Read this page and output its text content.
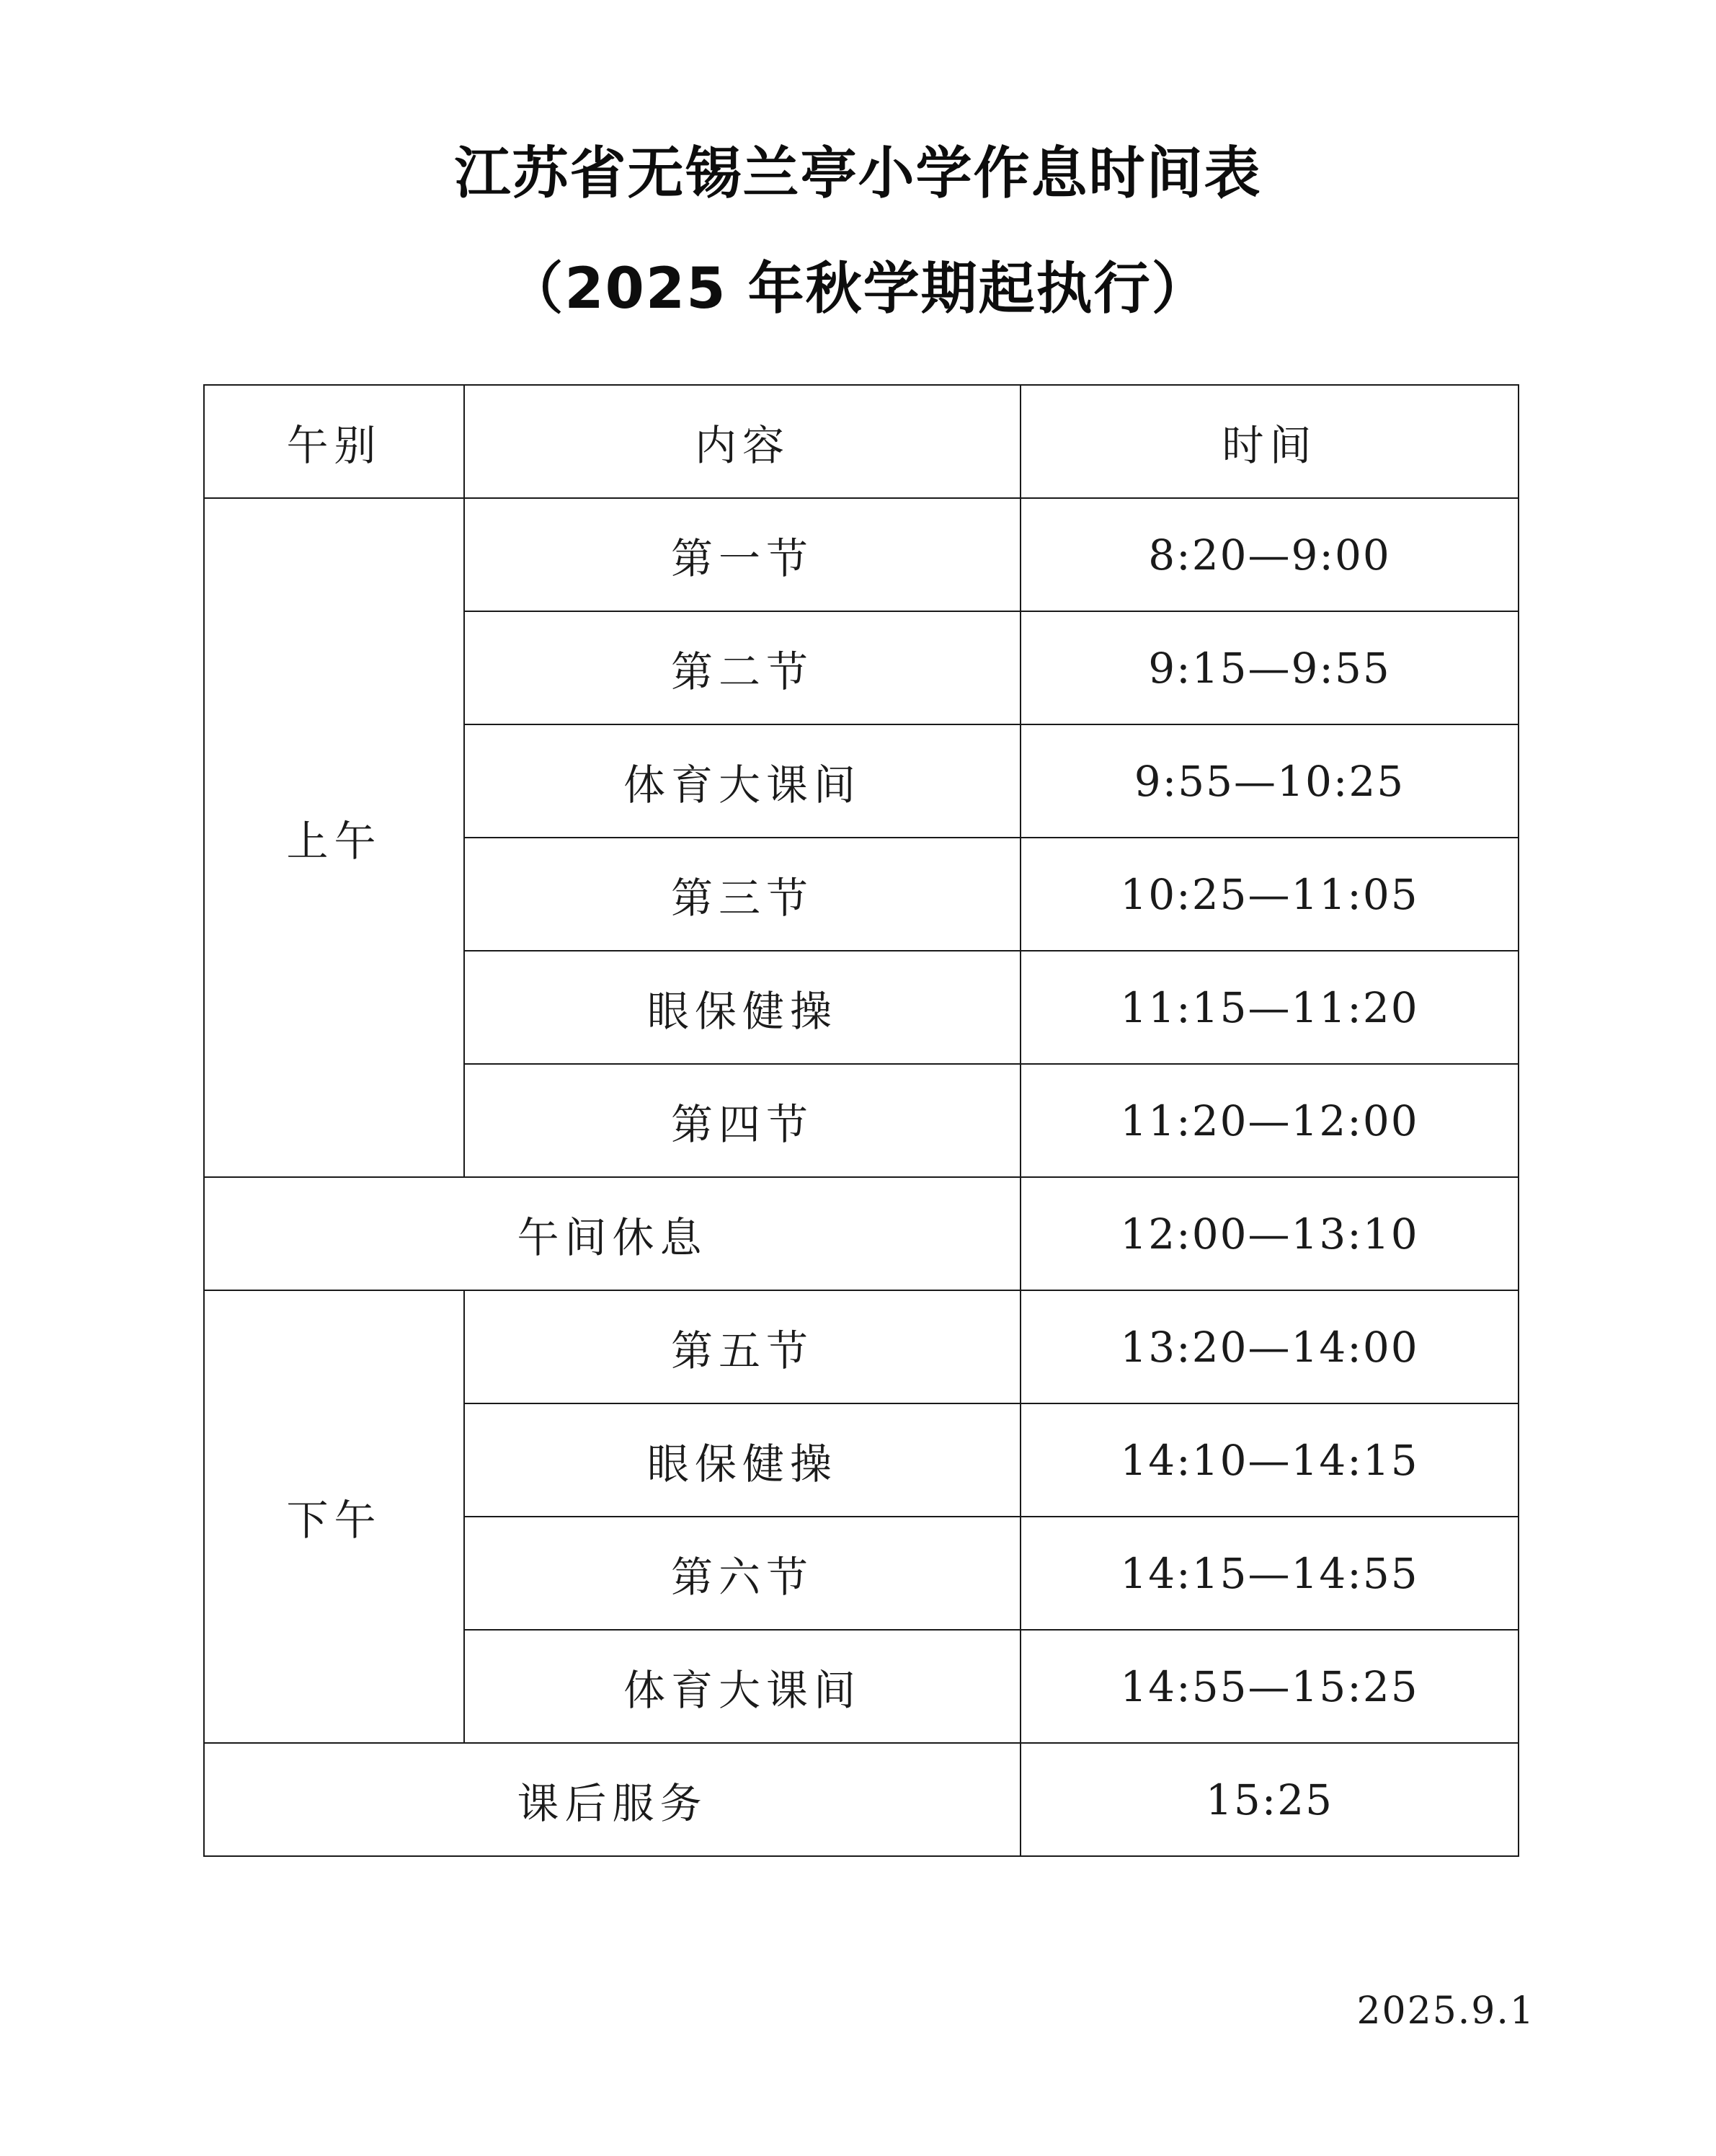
江苏省无锡兰亭小学作息时间表
（2025 年秋学期起执行）
午别	内容	时间
上午	第一节	8:20—9:00
	第二节	9:15—9:55
	体育大课间	9:55—10:25
	第三节	10:25—11:05
	眼保健操	11:15—11:20
	第四节	11:20—12:00
午间休息		12:00—13:10
下午	第五节	13:20—14:00
	眼保健操	14:10—14:15
	第六节	14:15—14:55
	体育大课间	14:55—15:25
课后服务		15:25
2025.9.1
